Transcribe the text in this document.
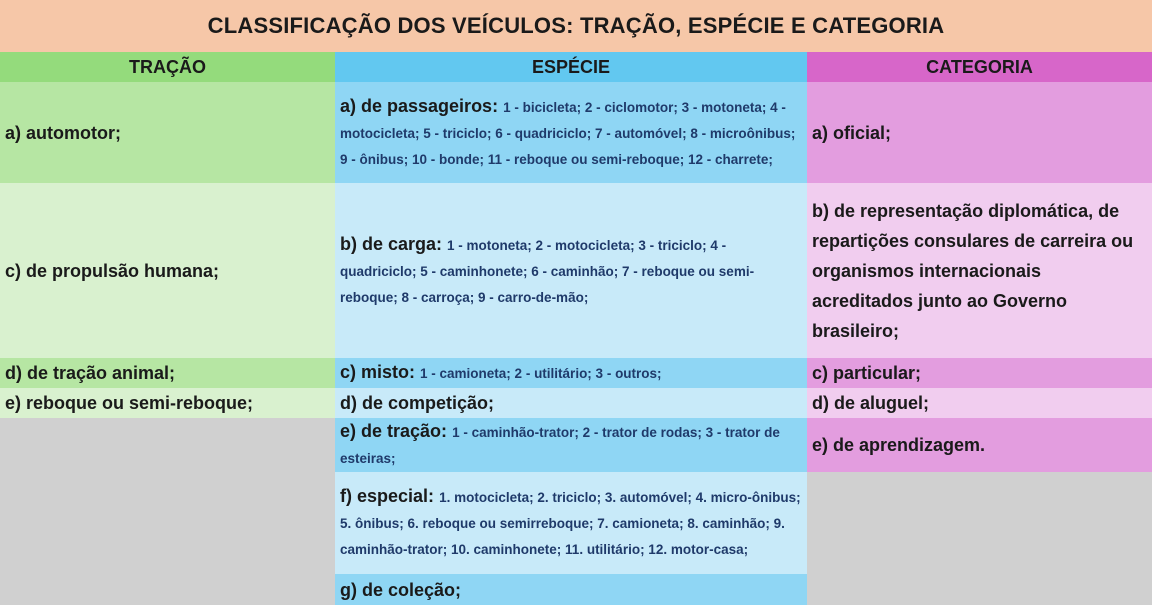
CLASSIFICAÇÃO DOS VEÍCULOS: TRAÇÃO, ESPÉCIE E CATEGORIA
TRAÇÃO	ESPÉCIE	CATEGORIA
a) automotor;
c) de propulsão humana;
d) de tração animal;
e) reboque ou semi-reboque;
a) de passageiros: 1 - bicicleta; 2 - ciclomotor; 3 - motoneta; 4 - motocicleta; 5 - triciclo; 6 - quadriciclo; 7 - automóvel; 8 - microônibus; 9 - ônibus; 10 - bonde; 11 - reboque ou semi-reboque; 12 - charrete;
b) de carga: 1 - motoneta; 2 - motocicleta; 3 - triciclo; 4 - quadriciclo; 5 - caminhonete; 6 - caminhão; 7 - reboque ou semi-reboque; 8 - carroça; 9 - carro-de-mão;
c) misto: 1 - camioneta; 2 - utilitário; 3 - outros;
d) de competição;
e) de tração: 1 - caminhão-trator; 2 - trator de rodas; 3 - trator de esteiras;
f) especial: 1. motocicleta; 2. triciclo; 3. automóvel; 4. micro-ônibus; 5. ônibus; 6. reboque ou semirreboque; 7. camioneta; 8. caminhão; 9. caminhão-trator; 10. caminhonete; 11. utilitário; 12. motor-casa;
g) de coleção;
a) oficial;
b) de representação diplomática, de repartições consulares de carreira ou organismos internacionais acreditados junto ao Governo brasileiro;
c) particular;
d) de aluguel;
e) de aprendizagem.
